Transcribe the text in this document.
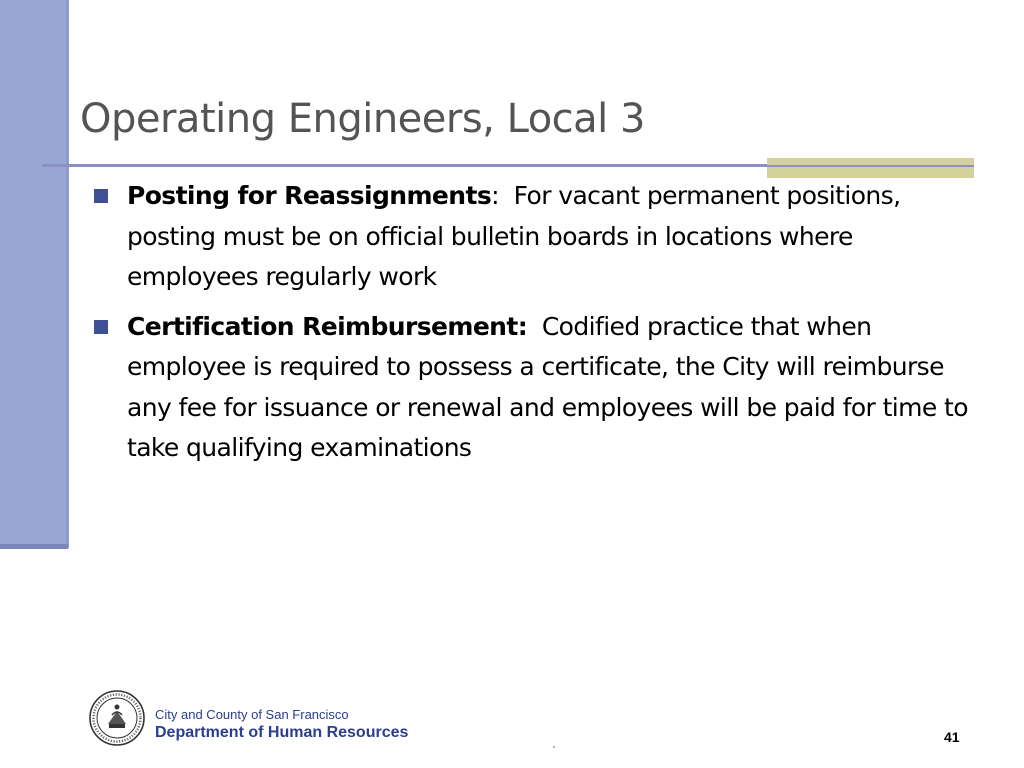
Operating Engineers, Local 3
Posting for Reassignments:  For vacant permanent positions, posting must be on official bulletin boards in locations where employees regularly work
Certification Reimbursement: Codified practice that when employee is required to possess a certificate, the City will reimburse any fee for issuance or renewal and employees will be paid for time to take qualifying examinations
City and County of San Francisco
Department of Human Resources	41
